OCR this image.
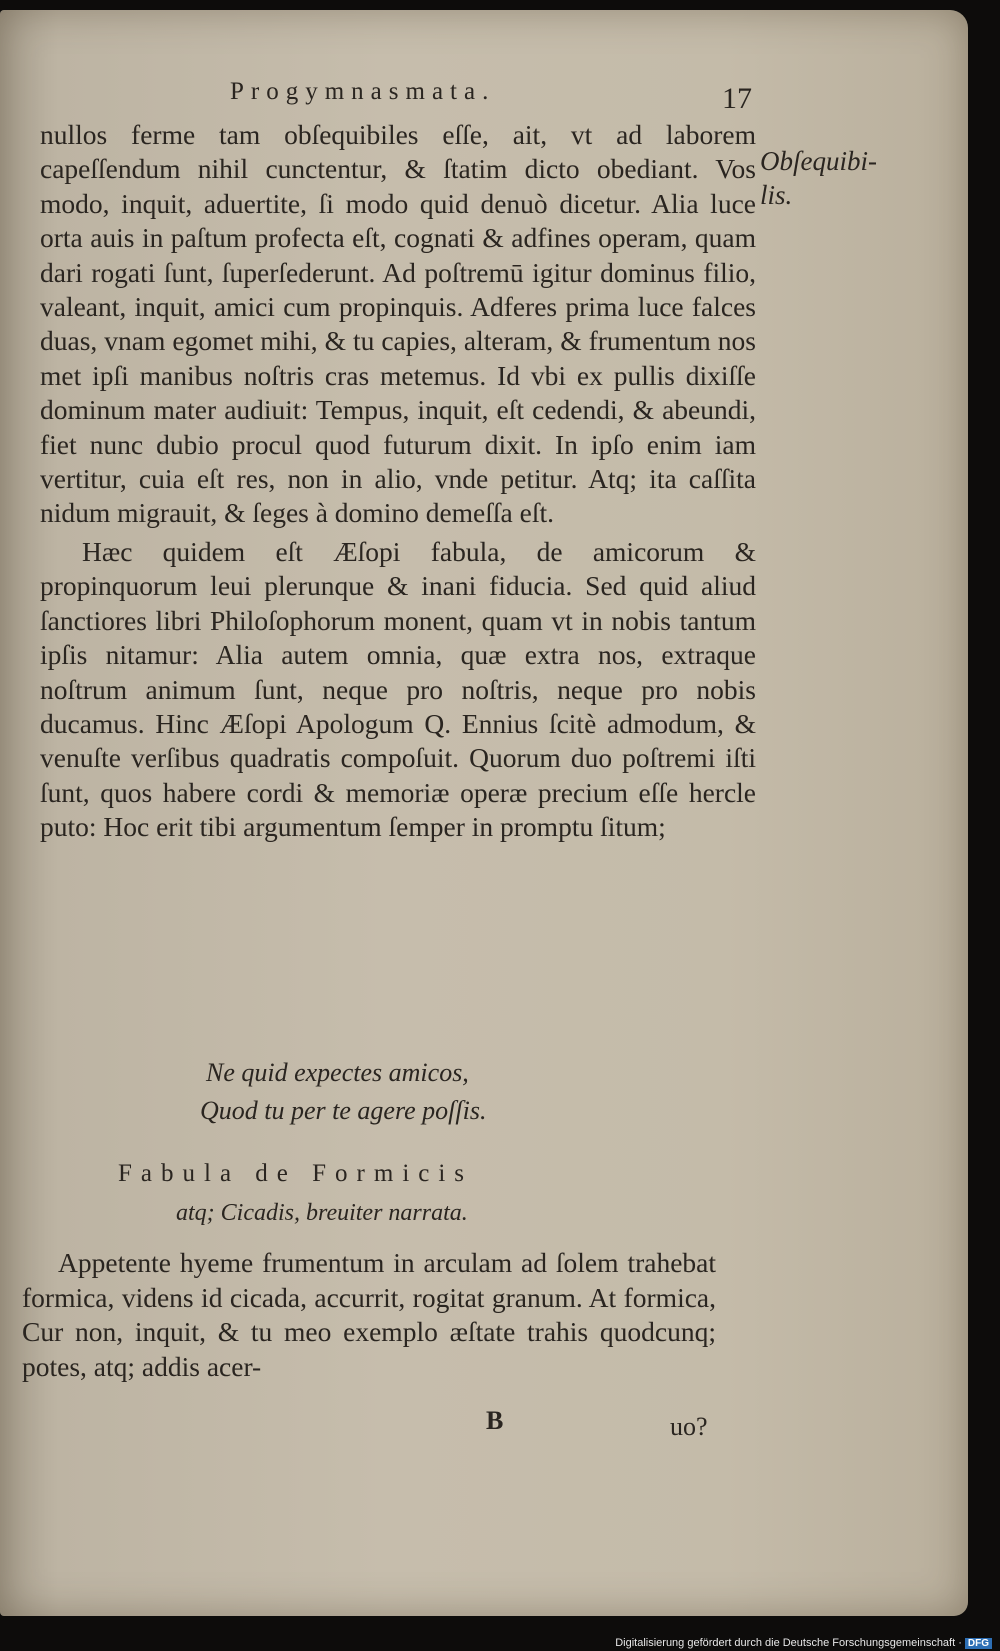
Progymnasmata.	17

nullos ferme tam obſequibiles eſſe, ait, vt ad laborem capeſſendum nihil cunctentur, & ſtatim dicto obediant. Vos modo, inquit, aduertite, ſi modo quid denuò dicetur. Alia luce orta auis in paſtum profecta eſt, cognati & adfines operam, quam dari rogati ſunt, ſuperſederunt. Ad poſtremū igitur dominus filio, valeant, inquit, amici cum propinquis. Adferes prima luce falces duas, vnam egomet mihi, & tu capies, alteram, & frumentum nos met ipſi manibus noſtris cras metemus. Id vbi ex pullis dixiſſe dominum mater audiuit: Tempus, inquit, eſt cedendi, & abeundi, fiet nunc dubio procul quod futurum dixit. In ipſo enim iam vertitur, cuia eſt res, non in alio, vnde petitur. Atq; ita caſſita nidum migrauit, & ſeges à domino demeſſa eſt.

Hæc quidem eſt Æſopi fabula, de amicorum & propinquorum leui plerunque & inani fiducia. Sed quid aliud ſanctiores libri Philoſophorum monent, quam vt in nobis tantum ipſis nitamur: Alia autem omnia, quæ extra nos, extraque noſtrum animum ſunt, neque pro noſtris, neque pro nobis ducamus. Hinc Æſopi Apologum Q. Ennius ſcitè admodum, & venuſte verſibus quadratis compoſuit. Quorum duo poſtremi iſti ſunt, quos habere cordi & memoriæ operæ precium eſſe hercle puto: Hoc erit tibi argumentum ſemper in promptu ſitum;

Obſequibi-
lis.
Ne quid expectes amicos,
Quod tu per te agere poſſis.
Fabula de Formicis
atq; Cicadis, breuiter narrata.

Appetente hyeme frumentum in arculam ad ſolem trahebat formica, videns id cicada, accurrit, rogitat granum. At formica, Cur non, inquit, & tu meo exemplo æſtate trahis quodcunq; potes, atq; addis acer-

B	uo?
Digitalisierung gefördert durch die Deutsche Forschungsgemeinschaft · DFG
